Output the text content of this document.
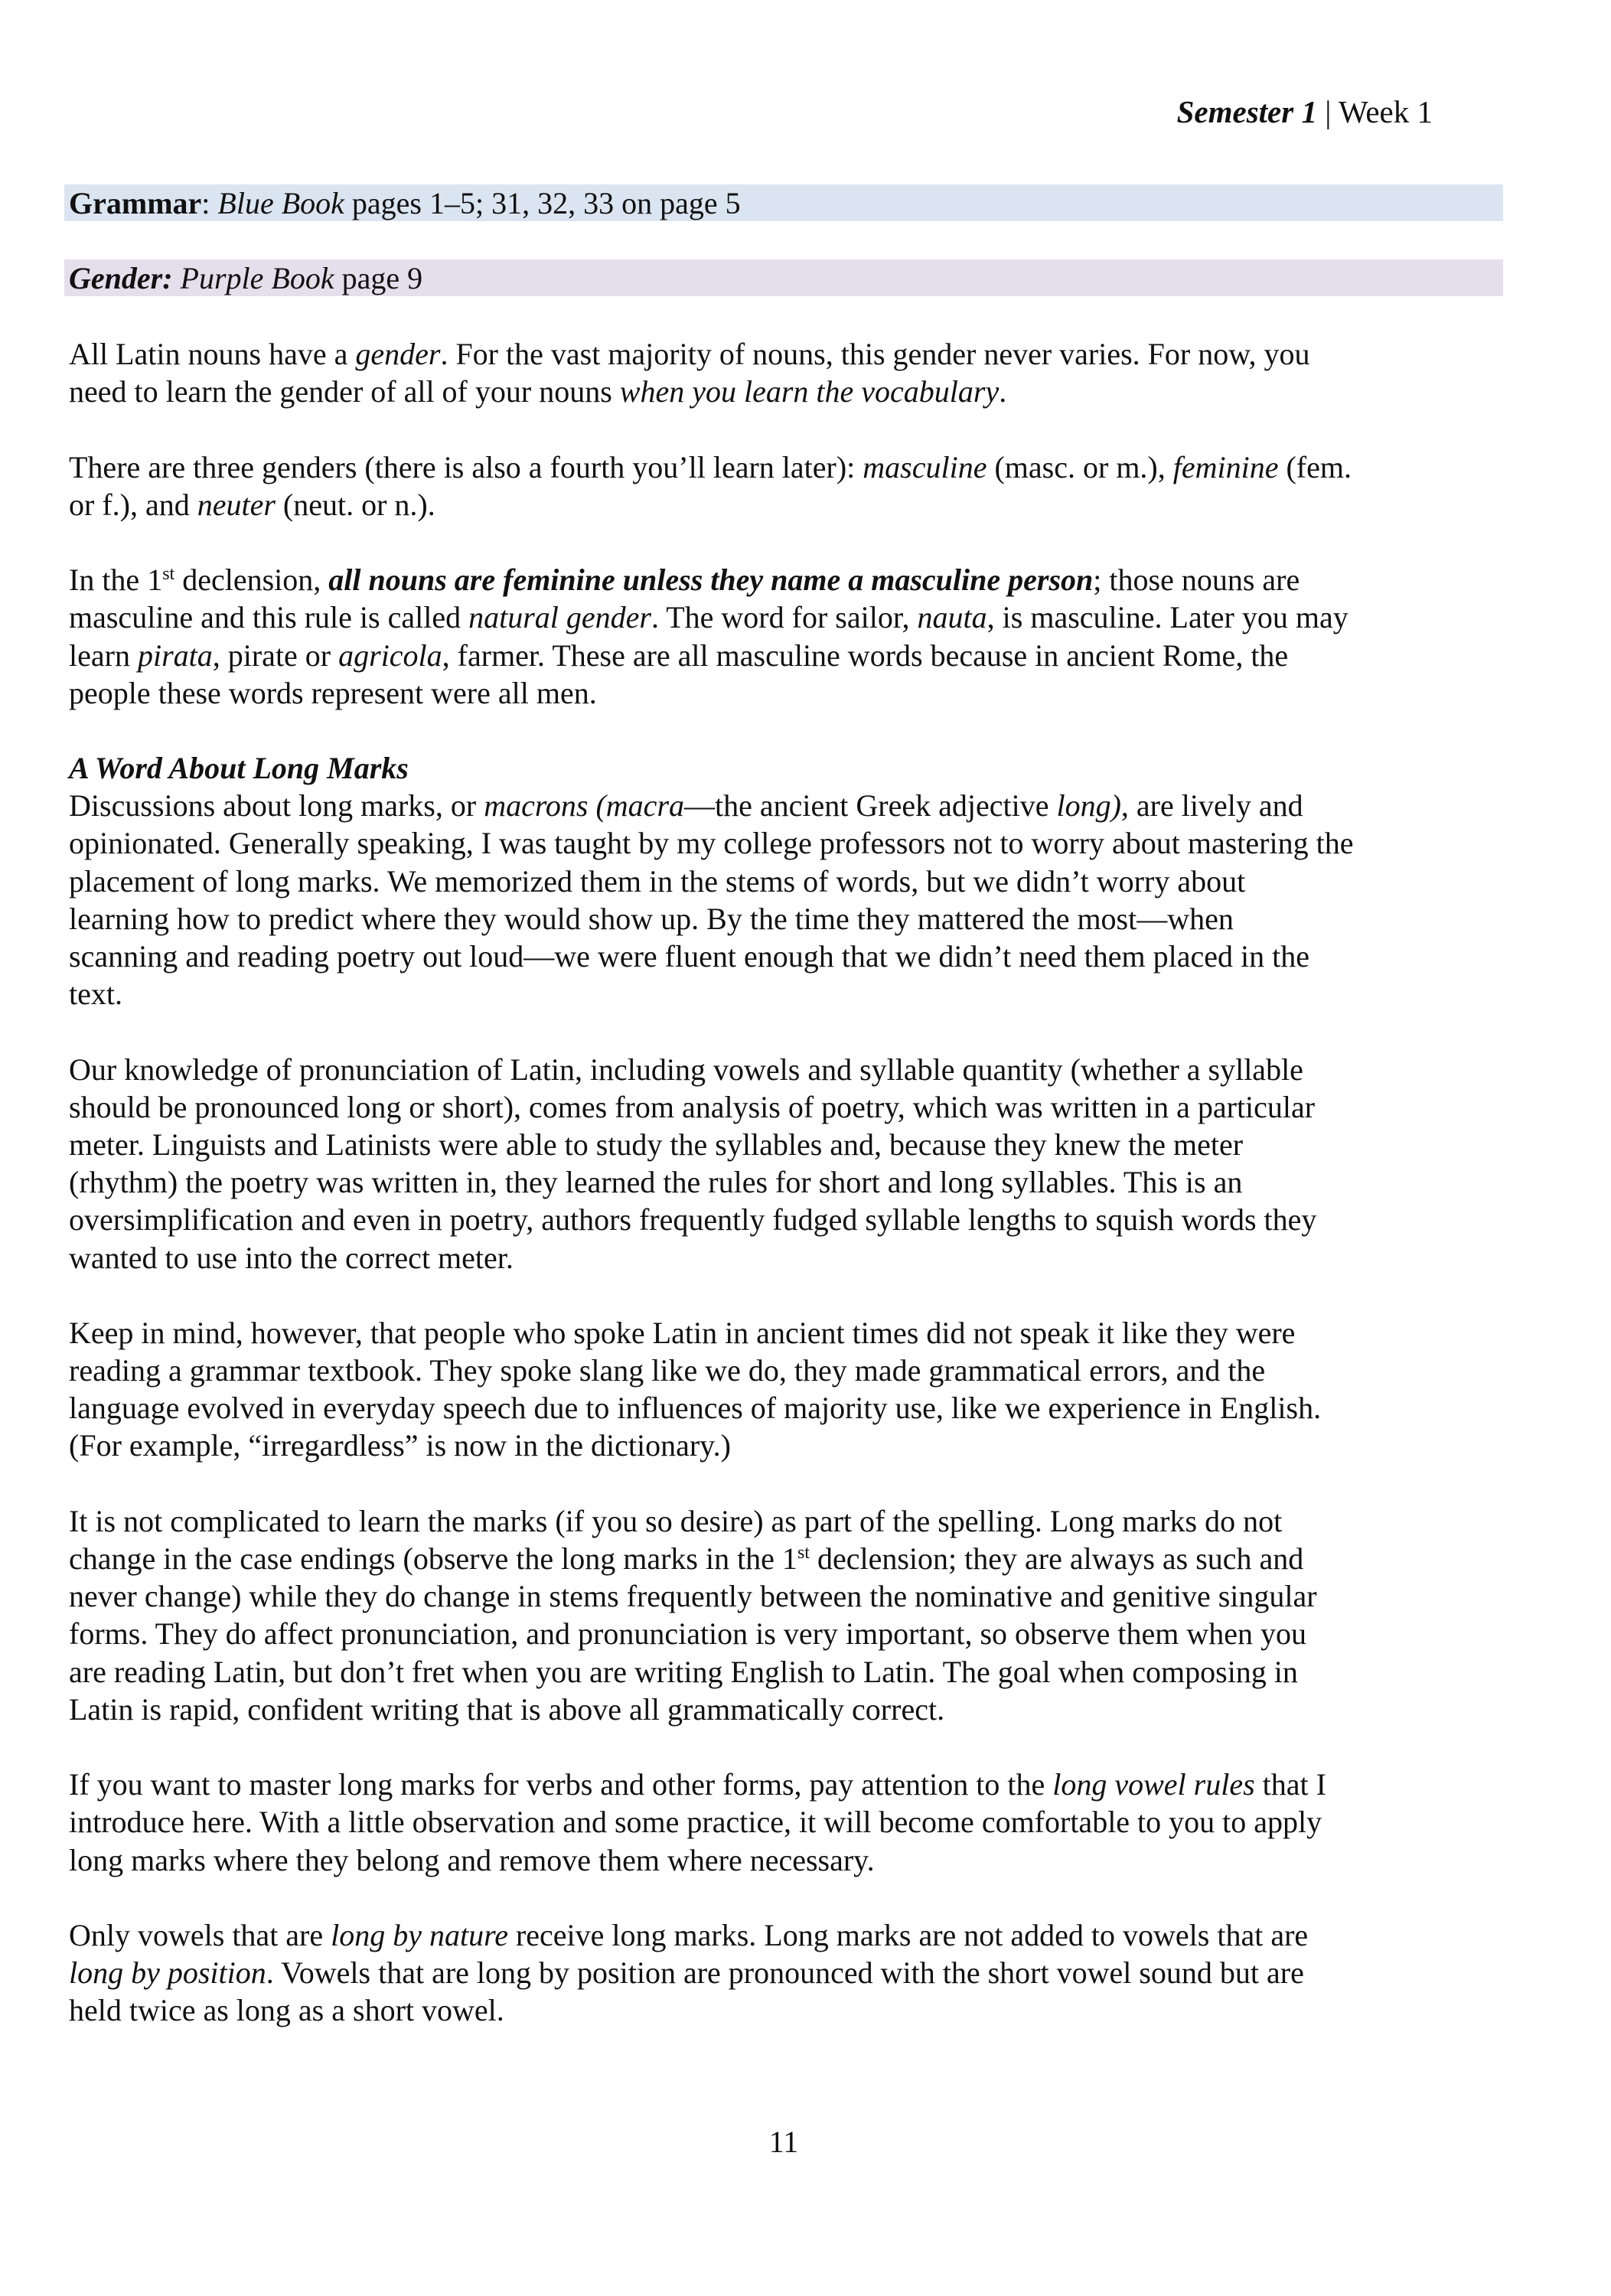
Semester 1 | Week 1
Grammar: Blue Book pages 1–5; 31, 32, 33 on page 5
Gender: Purple Book page 9
All Latin nouns have a gender. For the vast majority of nouns, this gender never varies. For now, you
need to learn the gender of all of your nouns when you learn the vocabulary.
There are three genders (there is also a fourth you’ll learn later): masculine (masc. or m.), feminine (fem.
or f.), and neuter (neut. or n.).
In the 1st declension, all nouns are feminine unless they name a masculine person; those nouns are
masculine and this rule is called natural gender. The word for sailor, nauta, is masculine. Later you may
learn pirata, pirate or agricola, farmer. These are all masculine words because in ancient Rome, the
people these words represent were all men.
A Word About Long Marks
Discussions about long marks, or macrons (macra—the ancient Greek adjective long), are lively and
opinionated. Generally speaking, I was taught by my college professors not to worry about mastering the
placement of long marks. We memorized them in the stems of words, but we didn’t worry about
learning how to predict where they would show up. By the time they mattered the most—when
scanning and reading poetry out loud—we were fluent enough that we didn’t need them placed in the
text.
Our knowledge of pronunciation of Latin, including vowels and syllable quantity (whether a syllable
should be pronounced long or short), comes from analysis of poetry, which was written in a particular
meter. Linguists and Latinists were able to study the syllables and, because they knew the meter
(rhythm) the poetry was written in, they learned the rules for short and long syllables. This is an
oversimplification and even in poetry, authors frequently fudged syllable lengths to squish words they
wanted to use into the correct meter.
Keep in mind, however, that people who spoke Latin in ancient times did not speak it like they were
reading a grammar textbook. They spoke slang like we do, they made grammatical errors, and the
language evolved in everyday speech due to influences of majority use, like we experience in English.
(For example, “irregardless” is now in the dictionary.)
It is not complicated to learn the marks (if you so desire) as part of the spelling. Long marks do not
change in the case endings (observe the long marks in the 1st declension; they are always as such and
never change) while they do change in stems frequently between the nominative and genitive singular
forms. They do affect pronunciation, and pronunciation is very important, so observe them when you
are reading Latin, but don’t fret when you are writing English to Latin. The goal when composing in
Latin is rapid, confident writing that is above all grammatically correct.
If you want to master long marks for verbs and other forms, pay attention to the long vowel rules that I
introduce here. With a little observation and some practice, it will become comfortable to you to apply
long marks where they belong and remove them where necessary.
Only vowels that are long by nature receive long marks. Long marks are not added to vowels that are
long by position. Vowels that are long by position are pronounced with the short vowel sound but are
held twice as long as a short vowel.
11
